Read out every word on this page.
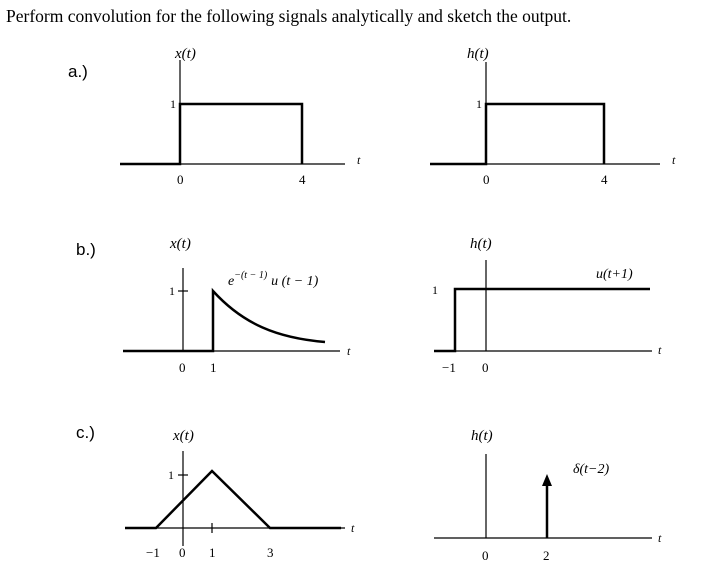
Perform convolution for the following signals analytically and sketch the output.
a.)
b.)
c.)
x(t)
1
0	4
t
h(t)
1
0	4
t
x(t)
1
$e^{-(t - 1)}$ u (t − 1)
0 1
t
h(t)
1
u(t+1)
−1 0
t
x(t)
1
−1 0 1	3
t
h(t)
δ(t−2)
0	2
t
